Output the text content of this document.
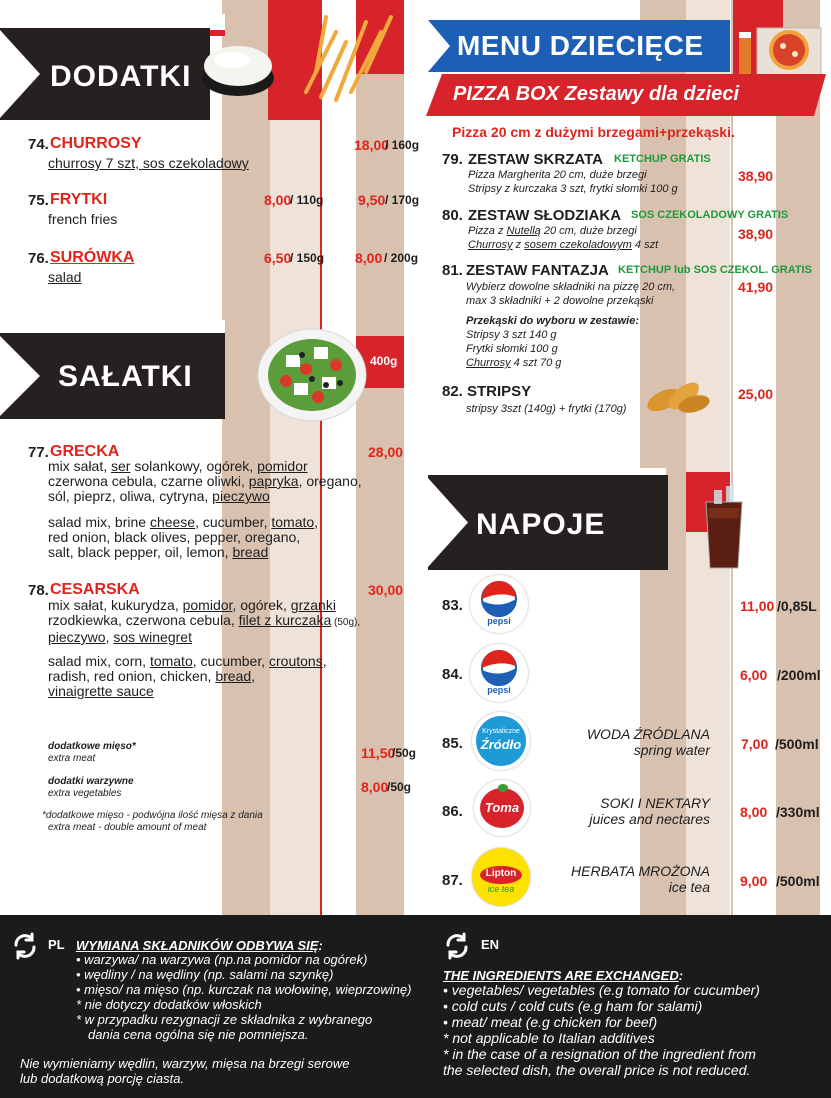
DODATKI
74. CHURROSY
churrosy 7 szt, sos czekoladowy
18,00
/ 160g
75. FRYTKI
french fries
8,00
/ 110g 9,50 / 170g
76. SURÓWKA
salad
6,50
/ 150g 8,00 / 200g
400g
SAŁATKI
77. GRECKA	28,00
mix sałat, ser solankowy, ogórek, pomidor
czerwona cebula, czarne oliwki, papryka, oregano,
sól, pieprz, oliwa, cytryna, pieczywo
salad mix, brine cheese, cucumber, tomato,
red onion, black olives, pepper, oregano,
salt, black pepper, oil, lemon, bread
78. CESARSKA	30,00
mix sałat, kukurydza, pomidor, ogórek, grzanki
rzodkiewka, czerwona cebula, filet z kurczaka (50g),
pieczywo, sos winegret
salad mix, corn, tomato, cucumber, croutons,
radish, red onion, chicken, bread,
vinaigrette sauce
dodatkowe mięso*
extra meat	11,50
/50g
dodatki warzywne
extra vegetables	8,00
/50g
*dodatkowe mięso - podwójna ilość mięsa z dania
extra meat - double amount of meat
MENU DZIECIĘCE
PIZZA BOX Zestawy dla dzieci
Pizza 20 cm z dużymi brzegami+przekąski.
79. ZESTAW SKRZATA KETCHUP GRATIS
Pizza Margherita 20 cm, duże brzegi
Stripsy z kurczaka 3 szt, frytki słomki 100 g
38,90
80. ZESTAW SŁODZIAKA SOS CZEKOLADOWY GRATIS
Pizza z Nutellą 20 cm, duże brzegi
Churrosy z sosem czekoladowym 4 szt
38,90
81. ZESTAW FANTAZJA KETCHUP lub SOS CZEKOL. GRATIS
Wybierz dowolne składniki na pizzę 20 cm,
max 3 składniki + 2 dowolne przekąski
41,90
Przekąski do wyboru w zestawie:
Stripsy 3 szt 140 g
Frytki słomki 100 g
Churrosy 4 szt 70 g
82. STRIPSY
stripsy 3szt (140g) + frytki (170g)
25,00
NAPOJE
83.
pepsi
11,00 /0,85L
84.
pepsi
6,00 /200ml
85.
Krystaliczne
Źródło
WODA ŹRÓDLANA
spring water 7,00 /500ml
86.	Toma	SOKI I NEKTARY
juices and nectares 8,00 /330ml
87.	Lipton
ice tea
HERBATA MROŻONA
ice tea 9,00 /500ml
PL WYMIANA SKŁADNIKÓW ODBYWA SIĘ:
• warzywa/ na warzywa (np.na pomidor na ogórek)
• wędliny / na wędliny (np. salami na szynkę)
• mięso/ na mięso (np. kurczak na wołowinę, wieprzowinę)
* nie dotyczy dodatków włoskich
* w przypadku rezygnacji ze składnika z wybranego
dania cena ogólna się nie pomniejsza.
Nie wymieniamy wędlin, warzyw, mięsa na brzegi serowe
lub dodatkową porcję ciasta.
EN
THE INGREDIENTS ARE EXCHANGED:
• vegetables/ vegetables (e.g tomato for cucumber)
• cold cuts / cold cuts (e.g ham for salami)
• meat/ meat (e.g chicken for beef)
* not applicable to Italian additives
* in the case of a resignation of the ingredient from
the selected dish, the overall price is not reduced.
